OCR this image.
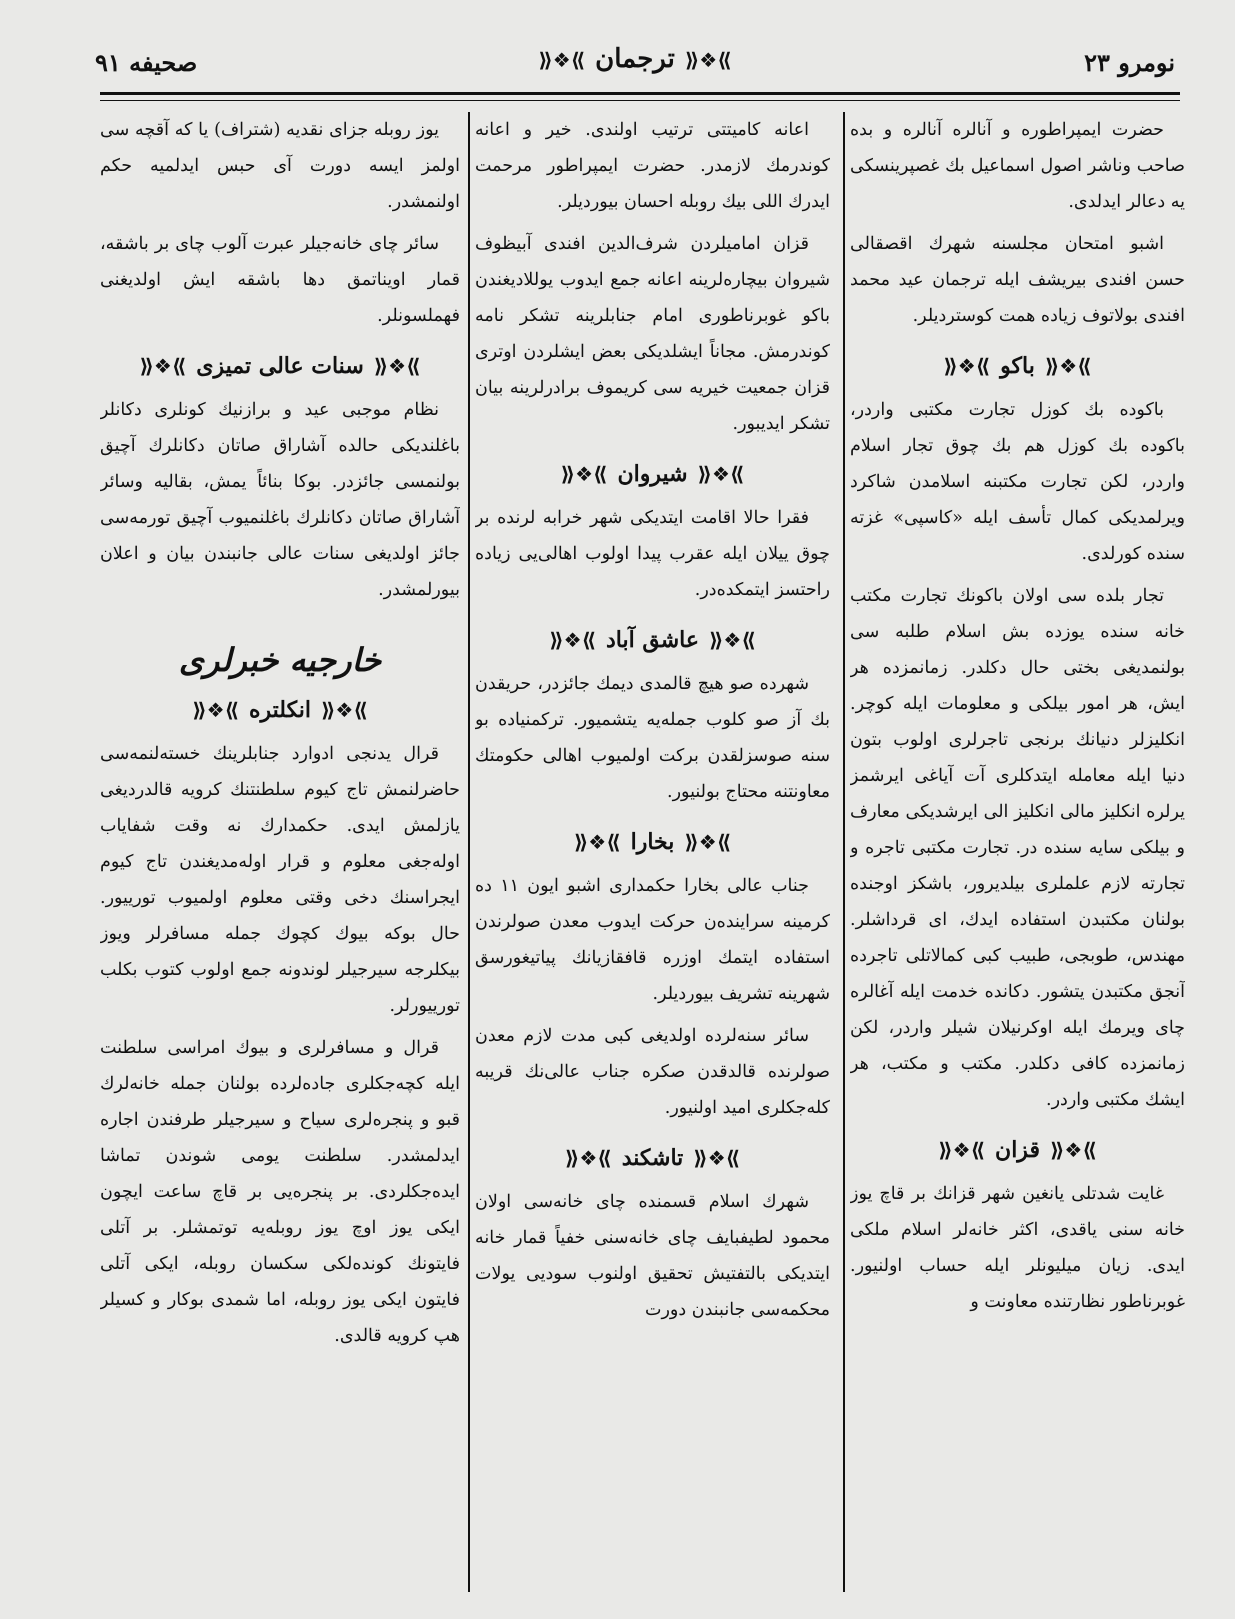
نومرو ۲۳
⟫❖⟪ترجمان⟫❖⟪
صحیفه ۹۱

حضرت ایمپراطوره و آنالره آنالره و بده صاحب وناشر اصول اسماعیل بك غصپرینسکی یه دعالر ایدلدی.

اشبو امتحان مجلسنه شهرك اقصقالی حسن افندی بیریشف ایله ترجمان عید محمد افندی بولاتوف زیاده همت کوستردیلر.

⟫❖⟪باکو⟫❖⟪

باکوده بك کوزل تجارت مکتبی واردر، باکوده بك کوزل هم بك چوق تجار اسلام واردر، لکن تجارت مکتبنه اسلامدن شاکرد ویرلمدیکی کمال تأسف ایله «کاسپی» غزته سنده کورلدی.

تجار بلده سی اولان باکونك تجارت مکتب خانه سنده یوزده بش اسلام طلبه سی بولنمدیغی بختی حال دکلدر. زمانمزده هر ایش، هر امور بیلکی و معلومات ایله کوچر. انکلیزلر دنیانك برنجی تاجرلری اولوب بتون دنیا ایله معامله ایتدکلری آت آیاغی ایرشمز یرلره انکلیز مالی انکلیز الی ایرشدیکی معارف و بیلکی سایه سنده در. تجارت مکتبی تاجره و تجارته لازم علملری بیلدیرور، باشکز اوجنده بولنان مکتبدن استفاده ایدك، ای قرداشلر. مهندس، طوبجی، طبیب کبی کمالاتلی تاجرده آنجق مکتبدن یتشور. دکانده خدمت ایله آغالره چای ویرمك ایله اوکرنیلان شیلر واردر، لکن زمانمزده کافی دکلدر. مکتب و مکتب، هر ایشك مکتبی واردر.

⟫❖⟪قزان⟫❖⟪

غایت شدتلی یانغین شهر قزانك بر قاچ یوز خانه سنی یاقدی، اکثر خانه‌لر اسلام ملکی ایدی. زیان میلیونلر ایله حساب اولنیور. غوبرناطور نظارتنده معاونت و

اعانه کامیتتی ترتیب اولندی. خیر و اعانه کوندرمك لازمدر. حضرت ایمپراطور مرحمت ایدرك اللی بیك روبله احسان بیوردیلر.

قزان امامیلردن شرف‌الدین افندی آبیظوف شیروان بیچاره‌لرینه اعانه جمع ایدوب یوللادیغندن باکو غوبرناطوری امام جنابلرینه تشکر نامه کوندرمش. مجاناً ایشلدیکی بعض ایشلردن اوتری قزان جمعیت خیریه سی کریموف برادرلرینه بیان تشکر ایدیبور.

⟫❖⟪شیروان⟫❖⟪

فقرا حالا اقامت ایتدیکی شهر خرابه لرنده بر چوق ییلان ایله عقرب پیدا اولوب اهالی‌یی زیاده راحتسز ایتمکده‌در.

⟫❖⟪عاشق آباد⟫❖⟪

شهرده صو هیچ قالمدی دیمك جائزدر، حریقدن بك آز صو کلوب جمله‌یه یتشمیور. ترکمنیاده بو سنه صوسزلقدن برکت اولمیوب اهالی حکومتك معاونتنه محتاج بولنیور.

⟫❖⟪بخارا⟫❖⟪

جناب عالی بخارا حکمداری اشبو ایون ۱۱ ده کرمینه سراینده‌ن حرکت ایدوب معدن صولرندن استفاده ایتمك اوزره قافقازیانك پیاتیغورسق شهرینه تشریف بیوردیلر.

سائر سنه‌لرده اولدیغی کبی مدت لازم معدن صولرنده قالدقدن صکره جناب عالی‌نك قریبه کله‌جکلری امید اولنیور.

⟫❖⟪تاشکند⟫❖⟪

شهرك اسلام قسمنده چای خانه‌سی اولان محمود لطیفبایف چای خانه‌سنی خفیاً قمار خانه ایتدیکی بالتفتیش تحقیق اولنوب سودیی یولات محکمه‌سی جانبندن دورت

یوز روبله جزای نقدیه (شتراف) یا که آقچه سی اولمز ایسه دورت آی حبس ایدلمیه حکم اولنمشدر.

سائر چای خانه‌جیلر عبرت آلوب چای بر باشقه، قمار اویناتمق دها باشقه ایش اولدیغنی فهملسونلر.

⟫❖⟪سنات عالی تمیزی⟫❖⟪

نظام موجبی عید و برازنیك کونلری دکانلر باغلندیکی حالده آشاراق صاتان دکانلرك آچیق بولنمسی جائزدر. بوکا بنائاً یمش، بقالیه وسائر آشاراق صاتان دکانلرك باغلنمیوب آچیق تورمه‌سی جائز اولدیغی سنات عالی جانبندن بیان و اعلان بیورلمشدر.

خارجیه خبرلری
⟫❖⟪انکلتره⟫❖⟪

قرال یدنجی ادوارد جنابلرینك خسته‌لنمه‌سی حاضرلنمش تاج کیوم سلطنتنك کرویه قالدردیغی یازلمش ایدی. حکمدارك نه وقت شفایاب اوله‌جغی معلوم و قرار اوله‌مدیغندن تاج کیوم ایجراسنك دخی وقتی معلوم اولمیوب تورییور. حال بوکه بیوك کچوك جمله مسافرلر ویوز بیکلرجه سیرجیلر لوندونه جمع اولوب کتوب بکلب تورییورلر.

قرال و مسافرلری و بیوك امراسی سلطنت ایله کچه‌جکلری جاده‌لرده بولنان جمله خانه‌لرك قبو و پنجره‌لری سیاح و سیرجیلر طرفندن اجاره ایدلمشدر. سلطنت یومی شوندن تماشا ایده‌جکلردی. بر پنجره‌یی بر قاچ ساعت ایچون ایکی یوز اوچ یوز روبله‌یه توتمشلر. بر آتلی فایتونك کونده‌لکی سکسان روبله، ایکی آتلی فایتون ایکی یوز روبله، اما شمدی بوکار و کسیلر هپ کرویه قالدی.
